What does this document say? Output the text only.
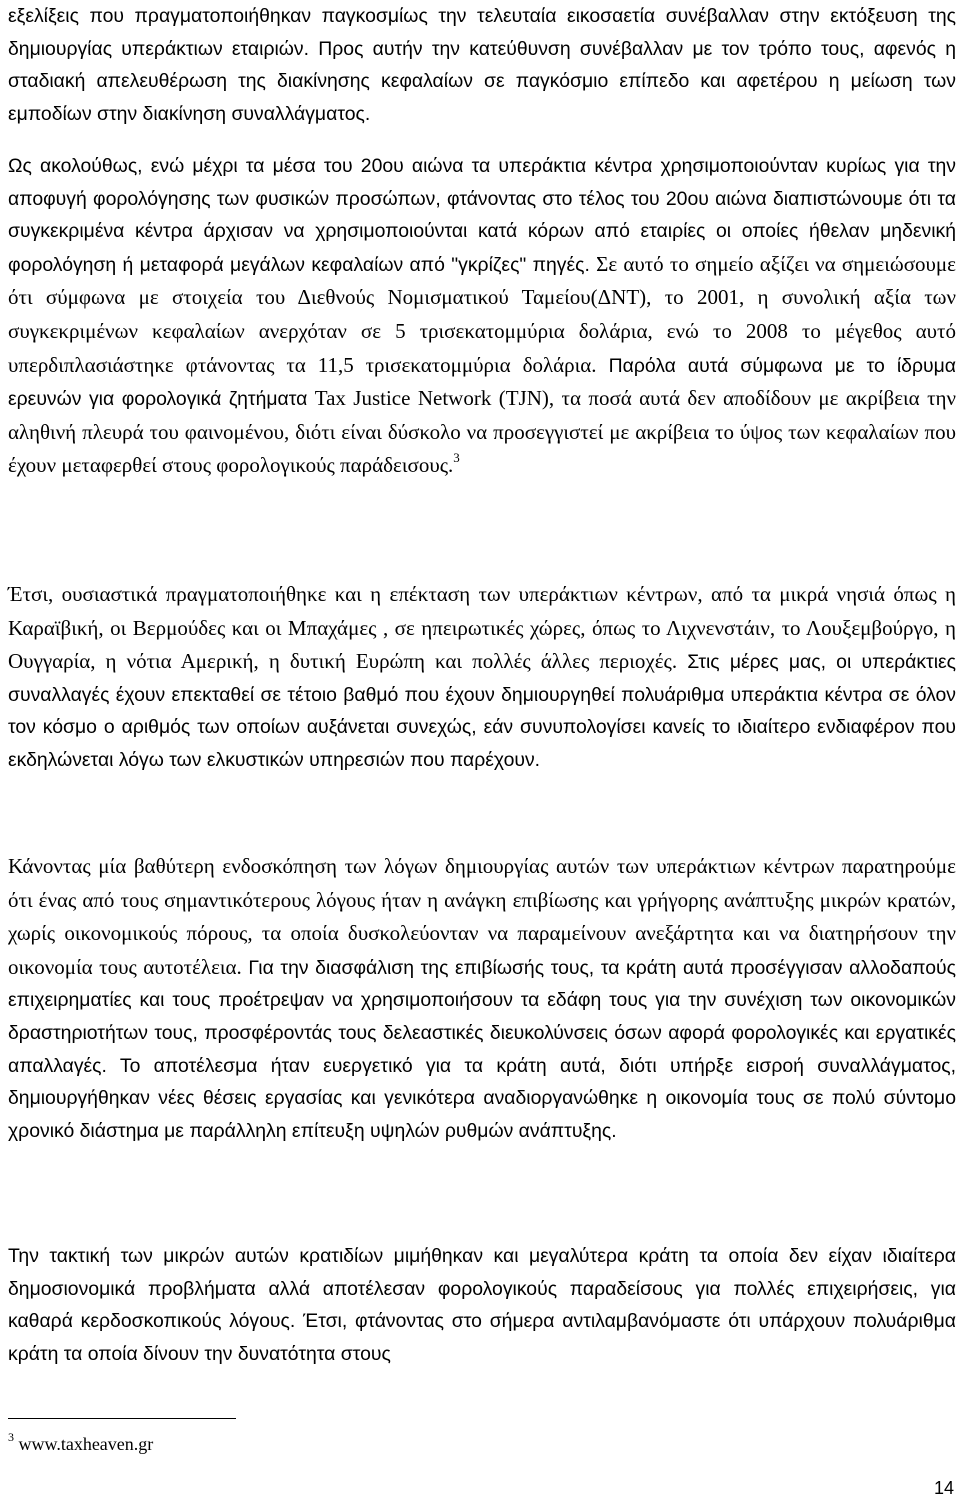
εξελίξεις που πραγματοποιήθηκαν παγκοσμίως την τελευταία εικοσαετία συνέβαλλαν στην εκτόξευση της δημιουργίας υπεράκτιων εταιριών. Προς αυτήν την κατεύθυνση συνέβαλλαν με τον τρόπο τους, αφενός η σταδιακή απελευθέρωση της διακίνησης κεφαλαίων σε παγκόσμιο επίπεδο και αφετέρου η μείωση των εμποδίων στην διακίνηση συναλλάγματος.

Ως ακολούθως, ενώ μέχρι τα μέσα του 20ου αιώνα τα υπεράκτια κέντρα χρησιμοποιούνταν κυρίως για την αποφυγή φορολόγησης των φυσικών προσώπων, φτάνοντας στο τέλος του 20ου αιώνα διαπιστώνουμε ότι τα συγκεκριμένα κέντρα άρχισαν να χρησιμοποιούνται κατά κόρων από εταιρίες οι οποίες ήθελαν μηδενική φορολόγηση ή μεταφορά μεγάλων κεφαλαίων από "γκρίζες" πηγές. Σε αυτό το σημείο αξίζει να σημειώσουμε ότι σύμφωνα με στοιχεία του Διεθνούς Νομισματικού Ταμείου(ΔΝΤ), το 2001, η συνολική αξία των συγκεκριμένων κεφαλαίων ανερχόταν σε 5 τρισεκατομμύρια δολάρια, ενώ το 2008 το μέγεθος αυτό υπερδιπλασιάστηκε φτάνοντας τα 11,5 τρισεκατομμύρια δολάρια. Παρόλα αυτά σύμφωνα με το ίδρυμα ερευνών για φορολογικά ζητήματα Tax Justice Network (TJN), τα ποσά αυτά δεν αποδίδουν με ακρίβεια την αληθινή πλευρά του φαινομένου, διότι είναι δύσκολο να προσεγγιστεί με ακρίβεια το ύψος των κεφαλαίων που έχουν μεταφερθεί στους φορολογικούς παράδεισους.$^3$

Έτσι, ουσιαστικά πραγματοποιήθηκε και η επέκταση των υπεράκτιων κέντρων, από τα μικρά νησιά όπως η Καραϊβική, οι Βερμούδες και οι Μπαχάμες , σε ηπειρωτικές χώρες, όπως το Λιχνενστάιν, το Λουξεμβούργο, η Ουγγαρία, η νότια Αμερική, η δυτική Ευρώπη και πολλές άλλες περιοχές. Στις μέρες μας, οι υπεράκτιες συναλλαγές έχουν επεκταθεί σε τέτοιο βαθμό που έχουν δημιουργηθεί πολυάριθμα υπεράκτια κέντρα σε όλον τον κόσμο ο αριθμός των οποίων αυξάνεται συνεχώς, εάν συνυπολογίσει κανείς το ιδιαίτερο ενδιαφέρον που εκδηλώνεται λόγω των ελκυστικών υπηρεσιών που παρέχουν.

Κάνοντας μία βαθύτερη ενδοσκόπηση των λόγων δημιουργίας αυτών των υπεράκτιων κέντρων παρατηρούμε ότι ένας από τους σημαντικότερους λόγους ήταν η ανάγκη επιβίωσης και γρήγορης ανάπτυξης μικρών κρατών, χωρίς οικονομικούς πόρους, τα οποία δυσκολεύονταν να παραμείνουν ανεξάρτητα και να διατηρήσουν την οικονομία τους αυτοτέλεια. Για την διασφάλιση της επιβίωσής τους, τα κράτη αυτά προσέγγισαν αλλοδαπούς επιχειρηματίες και τους προέτρεψαν να χρησιμοποιήσουν τα εδάφη τους για την συνέχιση των οικονομικών δραστηριοτήτων τους, προσφέροντάς τους δελεαστικές διευκολύνσεις όσων αφορά φορολογικές και εργατικές απαλλαγές. Το αποτέλεσμα ήταν ευεργετικό για τα κράτη αυτά, διότι υπήρξε εισροή συναλλάγματος, δημιουργήθηκαν νέες θέσεις εργασίας και γενικότερα αναδιοργανώθηκε η οικονομία τους σε πολύ σύντομο χρονικό διάστημα με παράλληλη επίτευξη υψηλών ρυθμών ανάπτυξης.

Την τακτική των μικρών αυτών κρατιδίων μιμήθηκαν και μεγαλύτερα κράτη τα οποία δεν είχαν ιδιαίτερα δημοσιονομικά προβλήματα αλλά αποτέλεσαν φορολογικούς παραδείσους για πολλές επιχειρήσεις, για καθαρά κερδοσκοπικούς λόγους. Έτσι, φτάνοντας στο σήμερα αντιλαμβανόμαστε ότι υπάρχουν πολυάριθμα κράτη τα οποία δίνουν την δυνατότητα στους

$^3$ www.taxheaven.gr

14
